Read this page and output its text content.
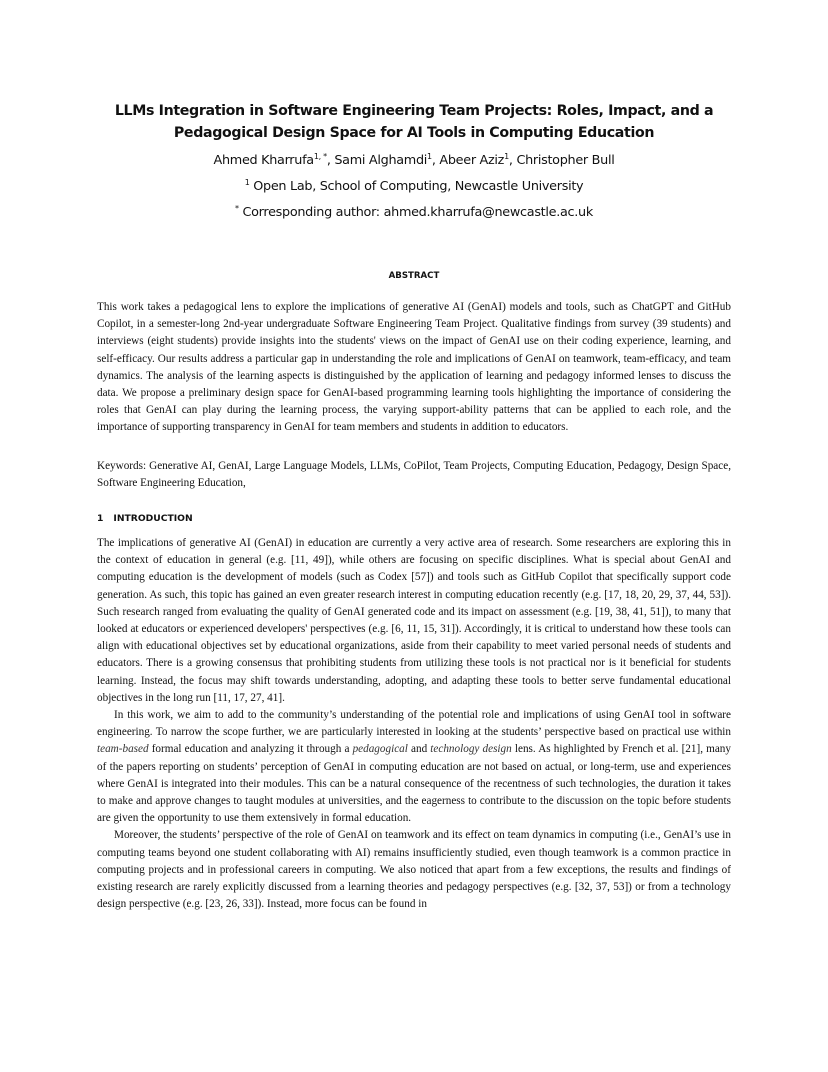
LLMs Integration in Software Engineering Team Projects: Roles, Impact, and a Pedagogical Design Space for AI Tools in Computing Education
Ahmed Kharrufa$^{1, *}$, Sami Alghamdi$^1$, Abeer Aziz$^1$, Christopher Bull
$^1$ Open Lab, School of Computing, Newcastle University
* Corresponding author: ahmed.kharrufa@newcastle.ac.uk
ABSTRACT

This work takes a pedagogical lens to explore the implications of generative AI (GenAI) models and tools, such as ChatGPT and GitHub Copilot, in a semester-long 2nd-year undergraduate Software Engineering Team Project. Qualitative findings from survey (39 students) and interviews (eight students) provide insights into the students' views on the impact of GenAI use on their coding experience, learning, and self-efficacy. Our results address a particular gap in understanding the role and implications of GenAI on teamwork, team-efficacy, and team dynamics. The analysis of the learning aspects is distinguished by the application of learning and pedagogy informed lenses to discuss the data. We propose a preliminary design space for GenAI-based programming learning tools highlighting the importance of considering the roles that GenAI can play during the learning process, the varying support-ability patterns that can be applied to each role, and the importance of supporting transparency in GenAI for team members and students in addition to educators.

Keywords: Generative AI, GenAI, Large Language Models, LLMs, CoPilot, Team Projects, Computing Education, Pedagogy, Design Space, Software Engineering Education,

1 INTRODUCTION

The implications of generative AI (GenAI) in education are currently a very active area of research. Some researchers are exploring this in the context of education in general (e.g. [11, 49]), while others are focusing on specific disciplines. What is special about GenAI and computing education is the development of models (such as Codex [57]) and tools such as GitHub Copilot that specifically support code generation. As such, this topic has gained an even greater research interest in computing education recently (e.g. [17, 18, 20, 29, 37, 44, 53]). Such research ranged from evaluating the quality of GenAI generated code and its impact on assessment (e.g. [19, 38, 41, 51]), to many that looked at educators or experienced developers' perspectives (e.g. [6, 11, 15, 31]). Accordingly, it is critical to understand how these tools can align with educational objectives set by educational organizations, aside from their capability to meet varied personal needs of students and educators. There is a growing consensus that prohibiting students from utilizing these tools is not practical nor is it beneficial for students learning. Instead, the focus may shift towards understanding, adopting, and adapting these tools to better serve fundamental educational objectives in the long run [11, 17, 27, 41].

In this work, we aim to add to the community’s understanding of the potential role and implications of using GenAI tool in software engineering. To narrow the scope further, we are particularly interested in looking at the students’ perspective based on practical use within team-based formal education and analyzing it through a pedagogical and technology design lens. As highlighted by French et al. [21], many of the papers reporting on students’ perception of GenAI in computing education are not based on actual, or long-term, use and experiences where GenAI is integrated into their modules. This can be a natural consequence of the recentness of such technologies, the duration it takes to make and approve changes to taught modules at universities, and the eagerness to contribute to the discussion on the topic before students are given the opportunity to use them extensively in formal education.

Moreover, the students’ perspective of the role of GenAI on teamwork and its effect on team dynamics in computing (i.e., GenAI’s use in computing teams beyond one student collaborating with AI) remains insufficiently studied, even though teamwork is a common practice in computing projects and in professional careers in computing. We also noticed that apart from a few exceptions, the results and findings of existing research are rarely explicitly discussed from a learning theories and pedagogy perspectives (e.g. [32, 37, 53]) or from a technology design perspective (e.g. [23, 26, 33]). Instead, more focus can be found in
